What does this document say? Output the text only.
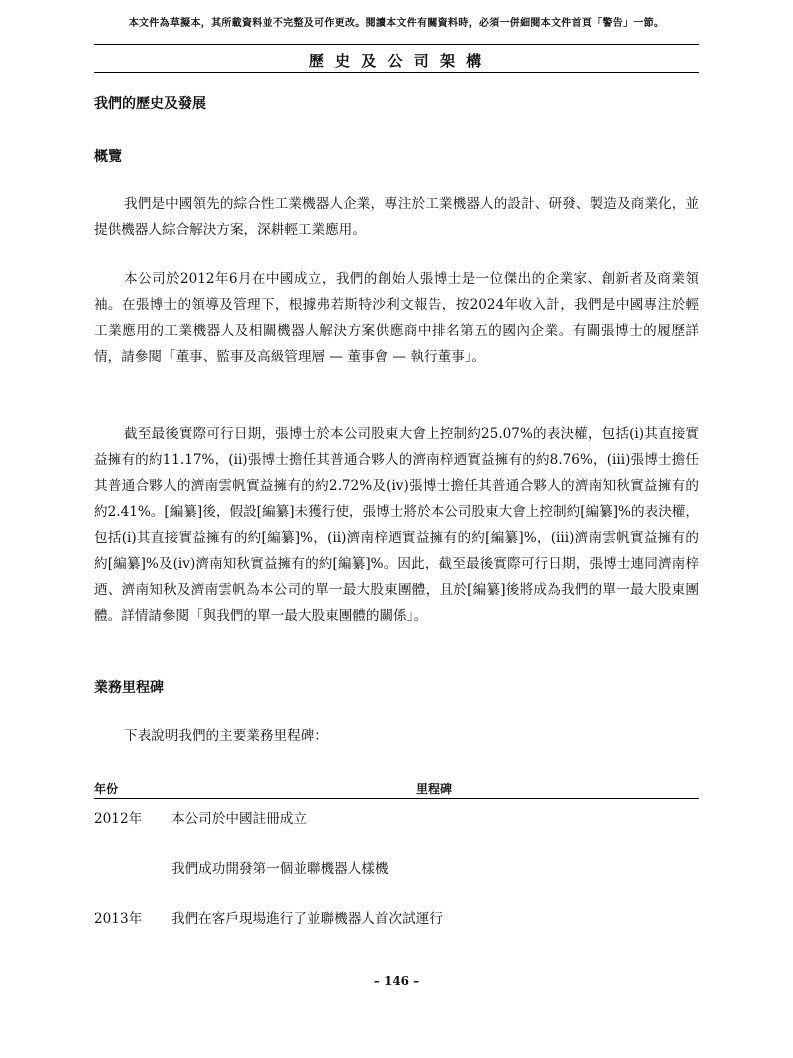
本文件為草擬本，其所載資料並不完整及可作更改。閱讀本文件有關資料時，必須一併細閱本文件首頁「警告」一節。
歷 史 及 公 司 架 構
我們的歷史及發展
概覽

我們是中國領先的綜合性工業機器人企業，專注於工業機器人的設計、研發、製造及商業化，並提供機器人綜合解決方案，深耕輕工業應用。

本公司於2012年6月在中國成立，我們的創始人張博士是一位傑出的企業家、創新者及商業領袖。在張博士的領導及管理下，根據弗若斯特沙利文報告，按2024年收入計，我們是中國專注於輕工業應用的工業機器人及相關機器人解決方案供應商中排名第五的國內企業。有關張博士的履歷詳情，請參閱「董事、監事及高級管理層 — 董事會 — 執行董事」。

截至最後實際可行日期，張博士於本公司股東大會上控制約25.07%的表決權，包括(i)其直接實益擁有的約11.17%，(ii)張博士擔任其普通合夥人的濟南梓迺實益擁有的約8.76%，(iii)張博士擔任其普通合夥人的濟南雲帆實益擁有的約2.72%及(iv)張博士擔任其普通合夥人的濟南知秋實益擁有的約2.41%。[編纂]後，假設[編纂]未獲行使，張博士將於本公司股東大會上控制約[編纂]%的表決權，包括(i)其直接實益擁有的約[編纂]%，(ii)濟南梓迺實益擁有的約[編纂]%，(iii)濟南雲帆實益擁有的約[編纂]%及(iv)濟南知秋實益擁有的約[編纂]%。因此，截至最後實際可行日期，張博士連同濟南梓迺、濟南知秋及濟南雲帆為本公司的單一最大股東團體，且於[編纂]後將成為我們的單一最大股東團體。詳情請參閱「與我們的單一最大股東團體的關係」。

業務里程碑
下表說明我們的主要業務里程碑：
年份	里程碑
2012年 本公司於中國註冊成立
我們成功開發第一個並聯機器人樣機
2013年 我們在客戶現場進行了並聯機器人首次試運行
– 146 –
